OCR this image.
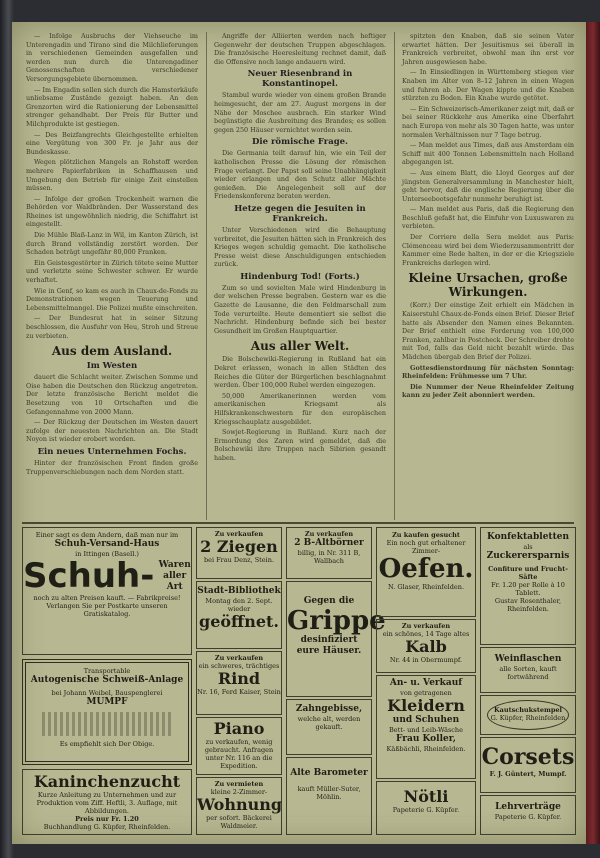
— Infolge Ausbruchs der Viehseuche im Unterengadin und Tirano sind die Milchlieferungen in verschiedenen Gemeinden ausgefallen und werden nun durch die Unterengadiner Genossenschaften verschiedener Versorgungsgebiete übernommen.

— Im Engadin sollen sich durch die Hamsterkäufe unliebsame Zustände gezeigt haben. An den Grenzorten wird die Rationierung der Lebensmittel strenger gehandhabt. Der Preis für Butter und Milchprodukte ist gestiegen.

— Des Beizfangrechts Gleichgestellte erhielten eine Vergütung von 300 Fr. je Jahr aus der Bundeskasse.

Wegen plötzlichen Mangels an Rohstoff werden mehrere Papierfabriken in Schaffhausen und Umgebung den Betrieb für einige Zeit einstellen müssen.

— Infolge der großen Trockenheit warnen die Behörden vor Waldbränden. Der Wasserstand des Rheines ist ungewöhnlich niedrig, die Schiffahrt ist eingestellt.

Die Mühle Blaß-Lanz in Wil, im Kanton Zürich, ist durch Brand vollständig zerstört worden. Der Schaden beträgt ungefähr 80,000 Franken.

Ein Geistesgestörter in Zürich tötete seine Mutter und verletzte seine Schwester schwer. Er wurde verhaftet.

Wie in Genf, so kam es auch in Chaux-de-Fonds zu Demonstrationen wegen Teuerung und Lebensmittelmangel. Die Polizei mußte einschreiten.

— Der Bundesrat hat in seiner Sitzung beschlossen, die Ausfuhr von Heu, Stroh und Streue zu verbieten.

Aus dem Ausland.
Im Westen

dauert die Schlacht weiter. Zwischen Somme und Oise haben die Deutschen den Rückzug angetreten. Der letzte französische Bericht meldet die Besetzung von 10 Ortschaften und die Gefangennahme von 2000 Mann.

— Der Rückzug der Deutschen im Westen dauert zufolge der neuesten Nachrichten an. Die Stadt Noyon ist wieder erobert worden.

Ein neues Unternehmen Fochs.

Hinter der französischen Front finden große Truppenverschiebungen nach dem Norden statt.

Angriffe der Alliierten werden nach heftiger Gegenwehr der deutschen Truppen abgeschlagen. Die französische Heeresleitung rechnet damit, daß die Offensive noch lange andauern wird.

Neuer Riesenbrand in Konstantinopel.

Stambul wurde wieder von einem großen Brande heimgesucht, der am 27. August morgens in der Nähe der Moschee ausbrach. Ein starker Wind begünstigte die Ausbreitung des Brandes; es sollen gegen 250 Häuser vernichtet worden sein.

Die römische Frage.

Die Germania teilt darauf hin, wie ein Teil der katholischen Presse die Lösung der römischen Frage verlangt. Der Papst soll seine Unabhängigkeit wieder erlangen und den Schutz aller Mächte genießen. Die Angelegenheit soll auf der Friedenskonferenz beraten werden.

Hetze gegen die Jesuiten in Frankreich.

Unter Verschiedenen wird die Behauptung verbreitet, die Jesuiten hätten sich in Frankreich des Krieges wegen schuldig gemacht. Die katholische Presse weist diese Anschuldigungen entschieden zurück.

Hindenburg Tod! (Forts.)

Zum so und sovielten Male wird Hindenburg in der welschen Presse begraben. Gestern war es die Gazette de Lausanne, die den Feldmarschall zum Tode verurteilte. Heute dementiert sie selbst die Nachricht. Hindenburg befinde sich bei bester Gesundheit im Großen Hauptquartier.

Aus aller Welt.

Die Bolschewiki-Regierung in Rußland hat ein Dekret erlassen, wonach in allen Städten des Reiches die Güter der Bürgerlichen beschlagnahmt werden. Über 100,000 Rubel werden eingezogen.

50,000 Amerikanerinnen werden vom amerikanischen Kriegsamt als Hilfskrankenschwestern für den europäischen Kriegsschauplatz ausgebildet.

Sowjet-Regierung in Rußland. Kurz nach der Ermordung des Zaren wird gemeldet, daß die Bolschewiki ihre Truppen nach Sibirien gesandt haben.

spitzten den Knaben, daß sie seinen Vater erwartet hätten. Der Jesuitismus sei überall in Frankreich verbreitet, obwohl man ihn erst vor Jahren ausgewiesen habe.

— In Einsiedlingen in Württemberg stiegen vier Knaben im Alter von 8–12 Jahren in einen Wagen und fuhren ab. Der Wagen kippte und die Knaben stürzten zu Boden. Ein Knabe wurde getötet.

— Ein Schweizerisch-Amerikaner zeigt mit, daß er bei seiner Rückkehr aus Amerika eine Überfahrt nach Europa von mehr als 30 Tagen hatte, was unter normalen Verhältnissen nur 7 Tage betrug.

— Man meldet aus Times, daß aus Amsterdam ein Schiff mit 400 Tonnen Lebensmitteln nach Holland abgegangen ist.

— Aus einem Blatt, die Lloyd Georges auf der jüngsten Generalversammlung in Manchester hielt, geht hervor, daß die englische Regierung über die Unterseebootsgefahr nunmehr beruhigt ist.

— Man meldet aus Paris, daß die Regierung den Beschluß gefaßt hat, die Einfuhr von Luxuswaren zu verbieten.

Der Corriere della Sera meldet aus Paris: Clémenceau wird bei dem Wiederzusammentritt der Kammer eine Rede halten, in der er die Kriegsziele Frankreichs darlegen wird.

Kleine Ursachen, große Wirkungen.

(Korr.) Der einstige Zeit erhielt ein Mädchen in Kaiserstuhl Chaux-de-Fonds einen Brief. Dieser Brief hatte als Absender den Namen eines Bekannten. Der Brief enthielt eine Forderung von 100,000 Franken, zahlbar in Postcheck. Der Schreiber drohte mit Tod, falls das Geld nicht bezahlt würde. Das Mädchen übergab den Brief der Polizei.

Gottesdienstordnung für nächsten Sonntag: Rheinfelden: Frühmesse um 7 Uhr.

Die Nummer der Neue Rheinfelder Zeitung kann zu jeder Zeit abonniert werden.

Einer sagt es dem Andern, daß man nur im
Schuh-Versand-Haus
in Ittingen (Basell.)
Schuh- Waren
aller Art
noch zu alten Preisen kauft. — Fabrikpreise! Verlangen Sie per Postkarte unseren Gratiskatalog.
Transportable
Autogenische Schweiß-Anlage
bei Johann Weibel, Bauspenglerei
MUMPF
Es empfiehlt sich Der Obige.
Kaninchenzucht
Kurze Anleitung zu Unternehmen und zur Produktion vom Ziff. Heftli, 3. Auflage, mit Abbildungen.
Preis nur Fr. 1.20
Buchhandlung G. Küpfer, Rheinfelden.
Zu verkaufen
2 Ziegen
bei Frau Denz, Stein.
Stadt-Bibliothek
Montag den 2. Sept. wieder
geöffnet.
Zu verkaufen
ein schweres, trächtiges
Rind
Nr. 16, Ferd Kaiser, Stein
Piano
zu verkaufen, wenig gebraucht. Anfragen unter Nr. 116 an die Expedition.
Zu vermieten
kleine 2-Zimmer-
Wohnung
per sofort. Bäckerei Waldmeier.
Zu verkaufen
2 B-Altbörner
billig, in Nr. 311 B, Wallbach
Gegen die
Grippe
desinfiziert
eure Häuser.
Zahngebisse,
welche alt, werden gekauft.
Alte Barometer
kauft Müller-Suter, Möhlin.
Zu kaufen gesucht
Ein noch gut erhaltener Zimmer-
Oefen.
N. Glaser, Rheinfelden.
Zu verkaufen
ein schönes, 14 Tage altes
Kalb
Nr. 44 in Obermumpf.
An- u. Verkauf
von getragenen
Kleidern
und Schuhen
Bett- und Leib-Wäsche
Frau Koller,
Käßbächli, Rheinfelden.
Nötli
Papeterie G. Küpfer.
Konfektabletten
als
Zuckerersparnis
Confiture und Frucht-Säfte
Fr. 1.20 per Rolle à 10 Tablett.
Gustav Rosenthaler, Rheinfelden.
Weinflaschen
alle Sorten, kauft fortwährend
Kautschukstempel
G. Küpfer, Rheinfelden
Corsets
F. J. Güntert, Mumpf.
Lehrverträge
Papeterie G. Küpfer.
